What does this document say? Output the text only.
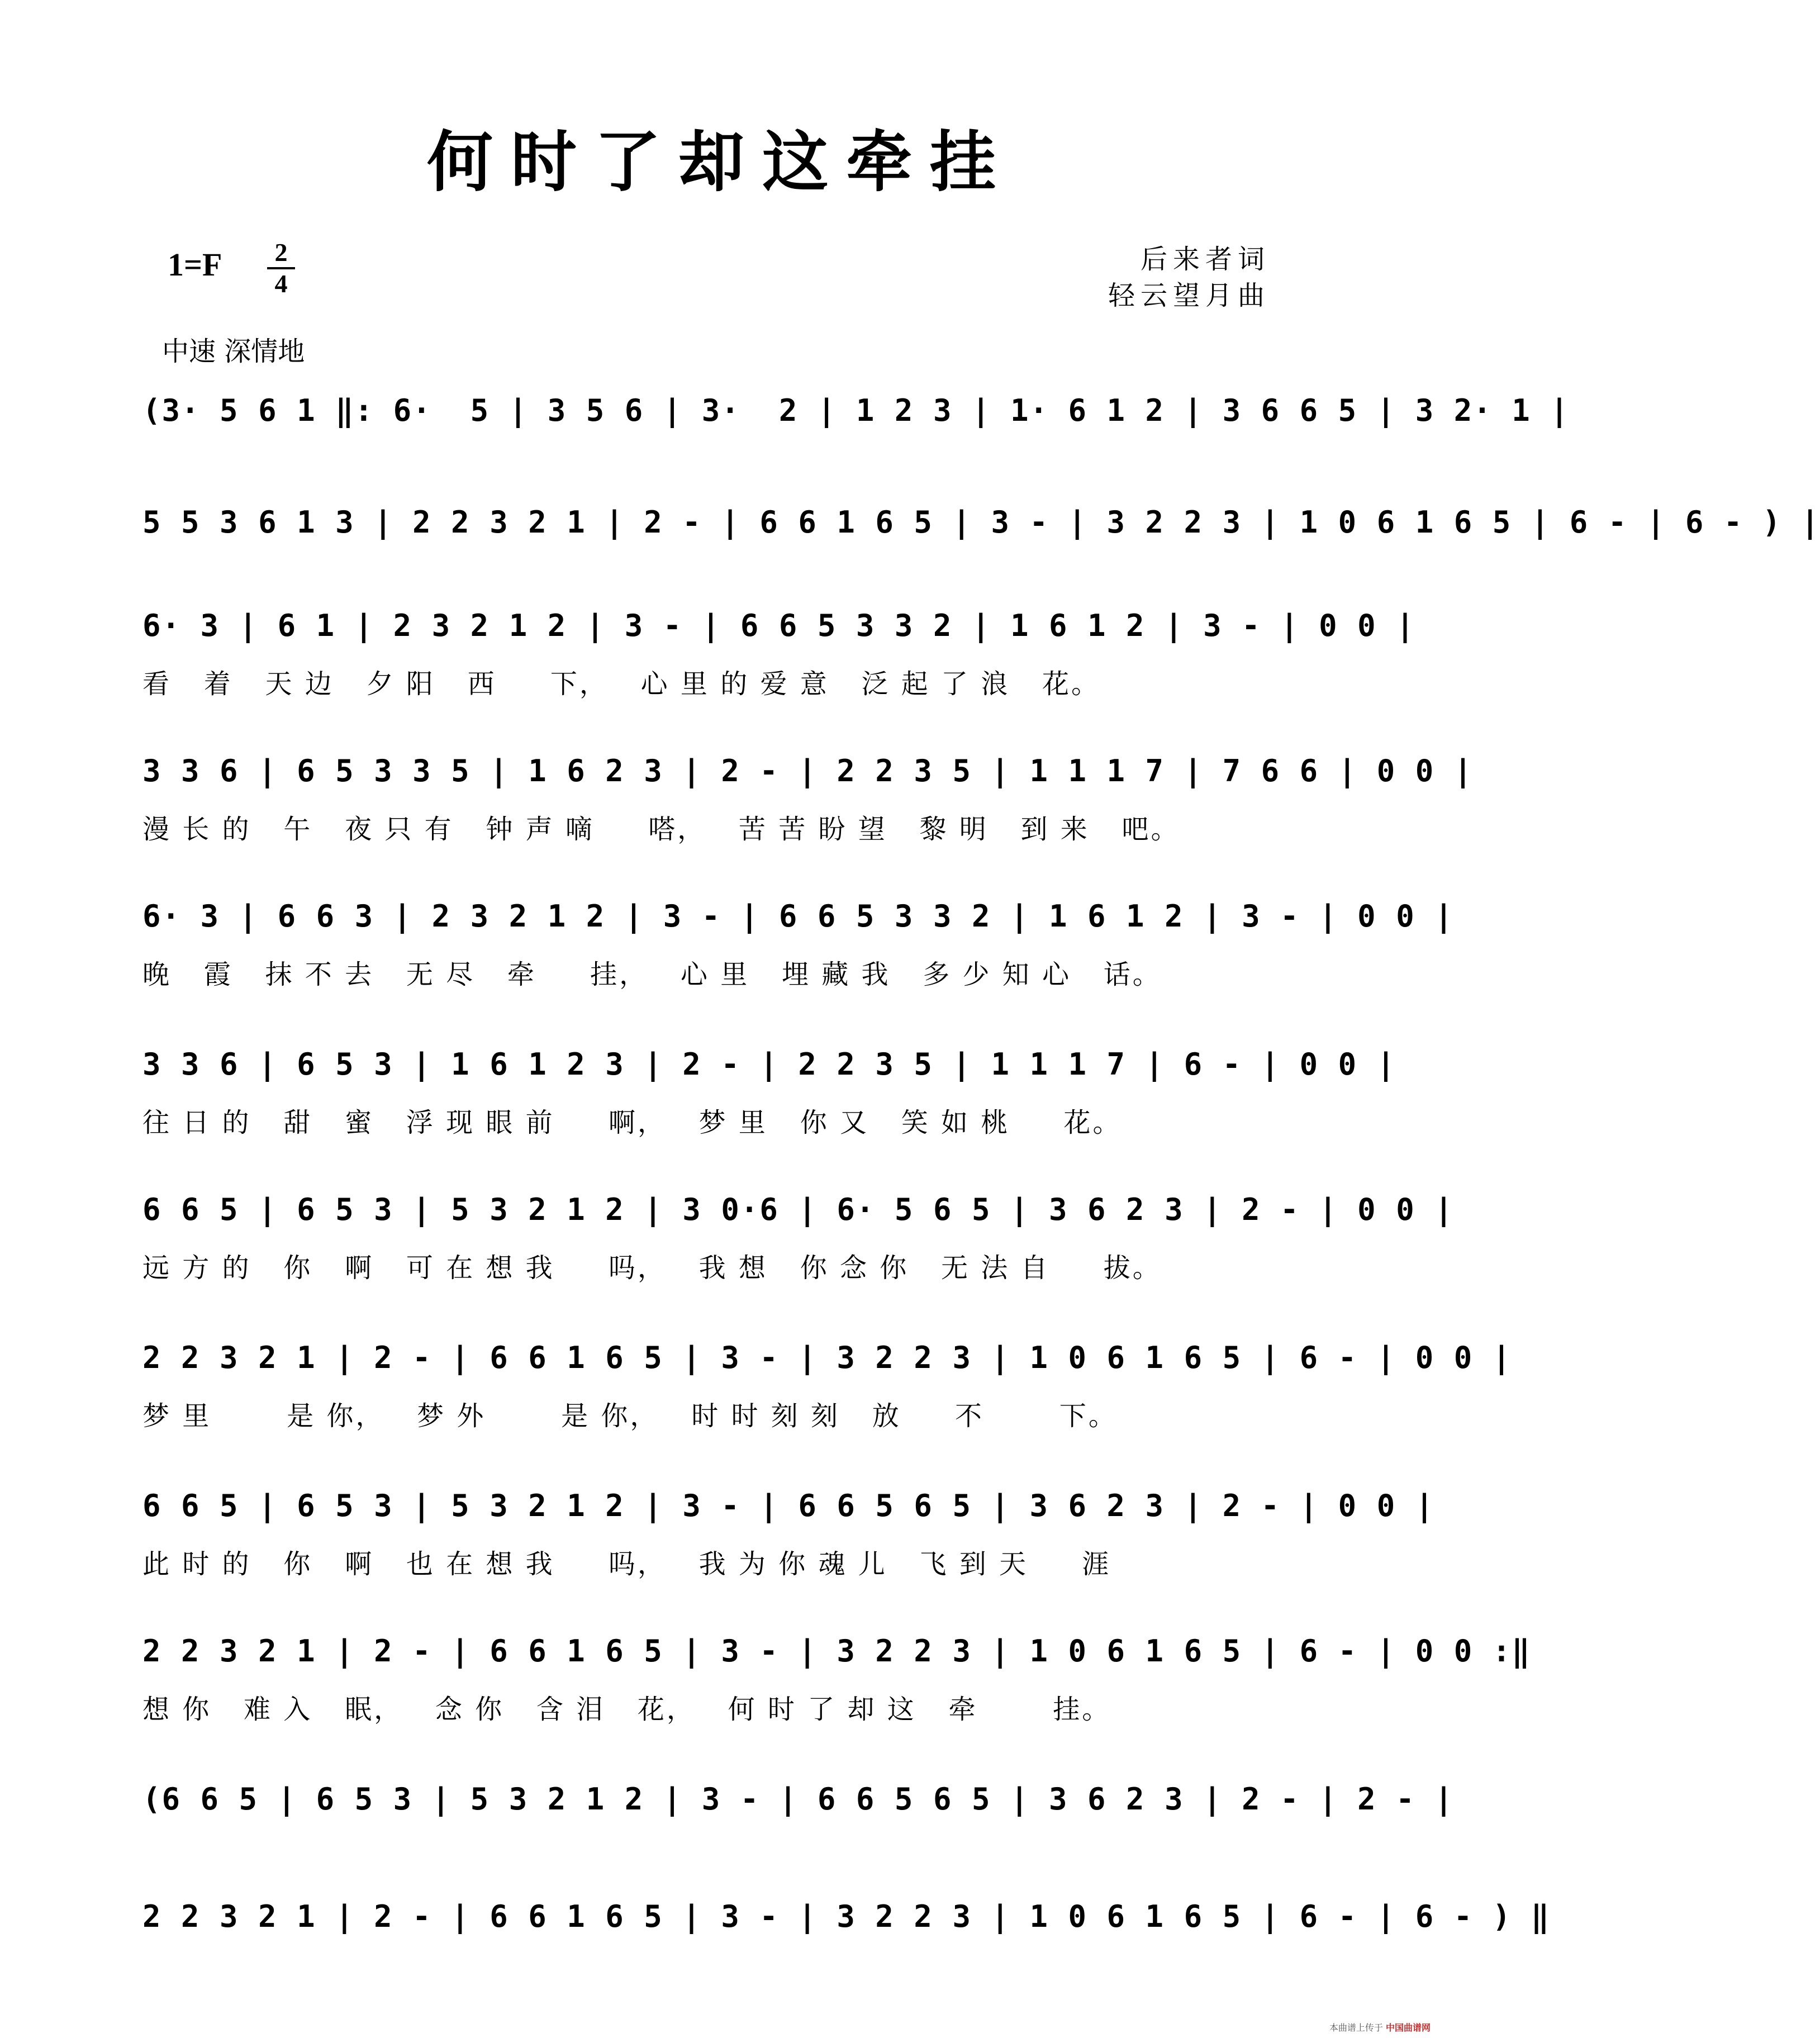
何时了却这牵挂
1=F 2
4
后来者词
轻云望月曲
中速 深情地
(3· 5 6 1 ‖: 6·  5 | 3 5 6 | 3·  2 | 1 2 3 | 1· 6 1 2 | 3 6 6 5 | 3 2· 1 |
5 5 3 6 1 3 | 2 2 3 2 1 | 2 - | 6 6 1 6 5 | 3 - | 3 2 2 3 | 1 0 6 1 6 5 | 6 - | 6 - ) |
6· 3 | 6 1 | 2 3 2 1 2 | 3 - | 6 6 5 3 3 2 | 1 6 1 2 | 3 - | 0 0 |
看   着   天 边   夕 阳   西     下，   心 里 的 爱 意   泛 起 了 浪   花。
3 3 6 | 6 5 3 3 5 | 1 6 2 3 | 2 - | 2 2 3 5 | 1 1 1 7 | 7 6 6 | 0 0 |
漫 长 的   午   夜 只 有   钟 声 嘀     嗒，   苦 苦 盼 望   黎 明   到 来   吧。
6· 3 | 6 6 3 | 2 3 2 1 2 | 3 - | 6 6 5 3 3 2 | 1 6 1 2 | 3 - | 0 0 |
晚   霞   抹 不 去   无 尽   牵     挂，   心 里   埋 藏 我   多 少 知 心   话。
3 3 6 | 6 5 3 | 1 6 1 2 3 | 2 - | 2 2 3 5 | 1 1 1 7 | 6 - | 0 0 |
往 日 的   甜   蜜   浮 现 眼 前     啊，   梦 里   你 又   笑 如 桃     花。
6 6 5 | 6 5 3 | 5 3 2 1 2 | 3 0·6 | 6· 5 6 5 | 3 6 2 3 | 2 - | 0 0 |
远 方 的   你   啊   可 在 想 我     吗，   我 想   你 念 你   无 法 自     拔。
2 2 3 2 1 | 2 - | 6 6 1 6 5 | 3 - | 3 2 2 3 | 1 0 6 1 6 5 | 6 - | 0 0 |
梦 里       是 你，   梦 外       是 你，   时 时 刻 刻   放     不       下。
6 6 5 | 6 5 3 | 5 3 2 1 2 | 3 - | 6 6 5 6 5 | 3 6 2 3 | 2 - | 0 0 |
此 时 的   你   啊   也 在 想 我     吗，   我 为 你 魂 儿   飞 到 天     涯
2 2 3 2 1 | 2 - | 6 6 1 6 5 | 3 - | 3 2 2 3 | 1 0 6 1 6 5 | 6 - | 0 0 :‖
想 你   难 入   眠，   念 你   含 泪   花，   何 时 了 却 这   牵       挂。
(6 6 5 | 6 5 3 | 5 3 2 1 2 | 3 - | 6 6 5 6 5 | 3 6 2 3 | 2 - | 2 - |
2 2 3 2 1 | 2 - | 6 6 1 6 5 | 3 - | 3 2 2 3 | 1 0 6 1 6 5 | 6 - | 6 - ) ‖
本曲谱上传于 中国曲谱网
